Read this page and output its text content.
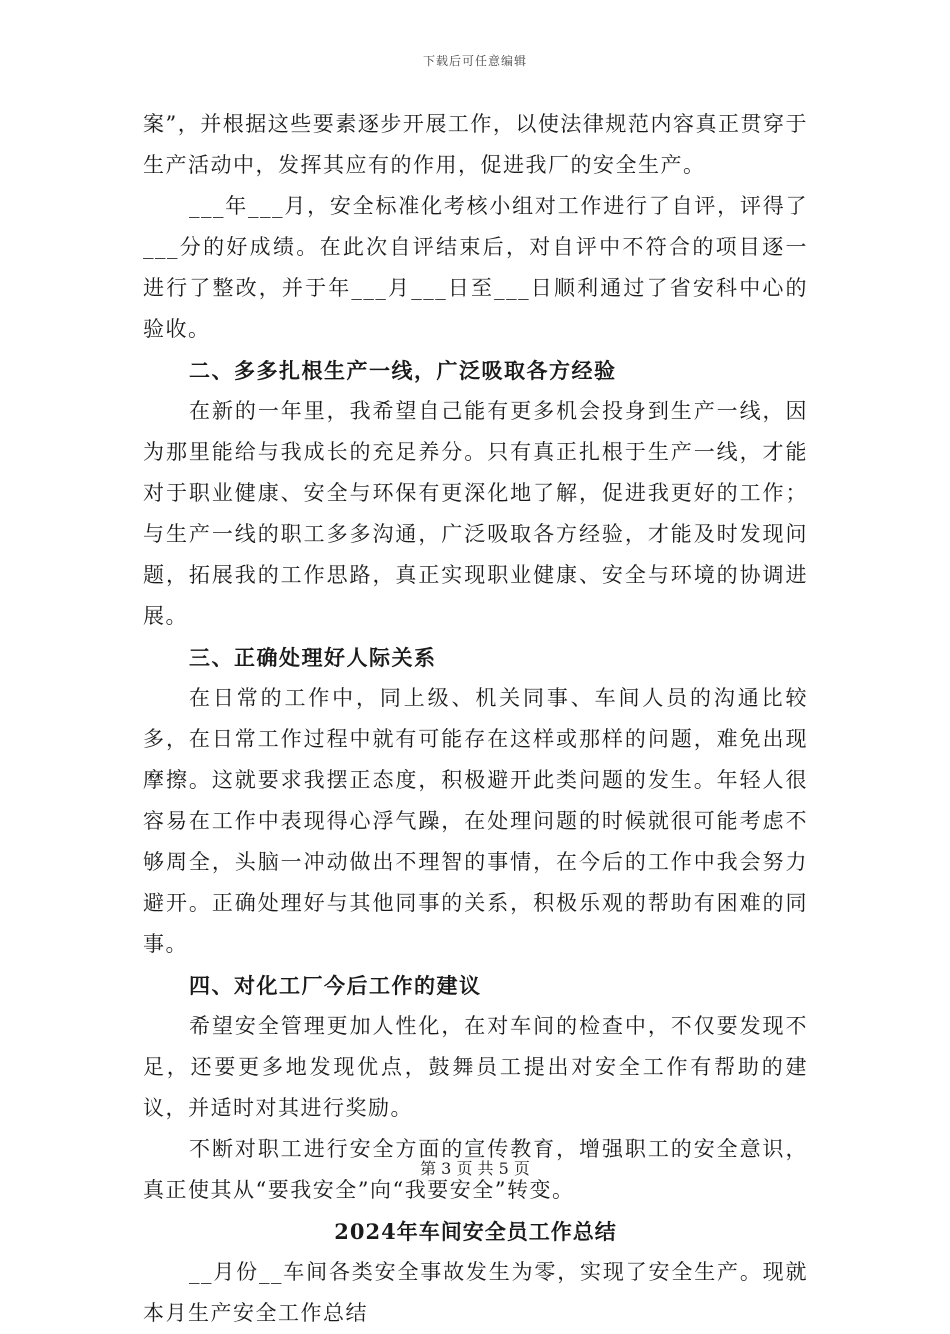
下载后可任意编辑

案”，并根据这些要素逐步开展工作，以使法律规范内容真正贯穿于生产活动中，发挥其应有的作用，促进我厂的安全生产。

___年___月，安全标准化考核小组对工作进行了自评，评得了___分的好成绩。在此次自评结束后，对自评中不符合的项目逐一进行了整改，并于年___月___日至___日顺利通过了省安科中心的验收。

二、多多扎根生产一线，广泛吸取各方经验

在新的一年里，我希望自己能有更多机会投身到生产一线，因为那里能给与我成长的充足养分。只有真正扎根于生产一线，才能对于职业健康、安全与环保有更深化地了解，促进我更好的工作；与生产一线的职工多多沟通，广泛吸取各方经验，才能及时发现问题，拓展我的工作思路，真正实现职业健康、安全与环境的协调进展。

三、正确处理好人际关系

在日常的工作中，同上级、机关同事、车间人员的沟通比较多，在日常工作过程中就有可能存在这样或那样的问题，难免出现摩擦。这就要求我摆正态度，积极避开此类问题的发生。年轻人很容易在工作中表现得心浮气躁，在处理问题的时候就很可能考虑不够周全，头脑一冲动做出不理智的事情，在今后的工作中我会努力避开。正确处理好与其他同事的关系，积极乐观的帮助有困难的同事。

四、对化工厂今后工作的建议

希望安全管理更加人性化，在对车间的检查中，不仅要发现不足，还要更多地发现优点，鼓舞员工提出对安全工作有帮助的建议，并适时对其进行奖励。

不断对职工进行安全方面的宣传教育，增强职工的安全意识，真正使其从“要我安全”向“我要安全”转变。

2024年车间安全员工作总结

__月份__车间各类安全事故发生为零，实现了安全生产。现就本月生产安全工作总结

第 3 页 共 5 页
